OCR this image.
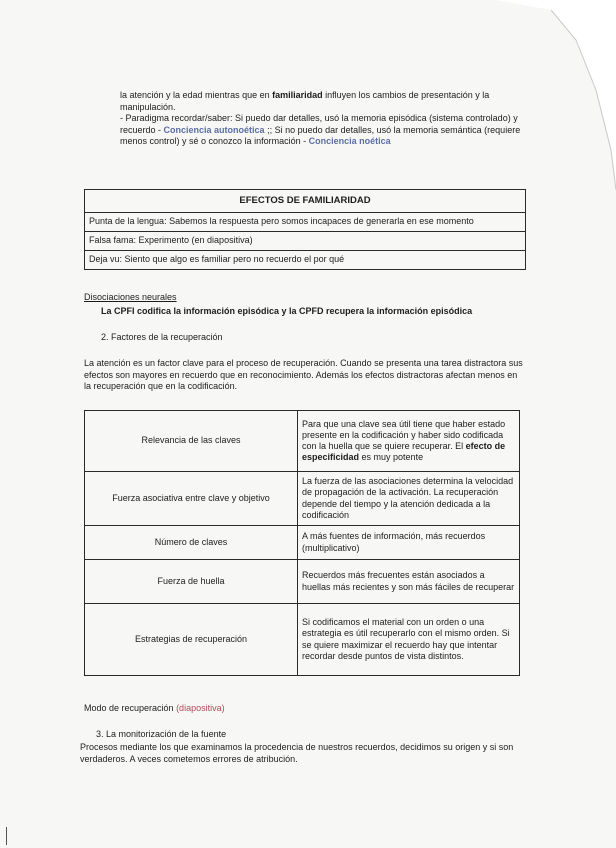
la atención y la edad mientras que en familiaridad influyen los cambios de presentación y la manipulación.
- Paradigma recordar/saber: Si puedo dar detalles, usó la memoria episódica (sistema controlado) y recuerdo - Conciencia autonoética ;; Si no puedo dar detalles, usó la memoria semántica (requiere menos control) y sé o conozco la información - Conciencia noética
EFECTOS DE FAMILIARIDAD
Punta de la lengua: Sabemos la respuesta pero somos incapaces de generarla en ese momento
Falsa fama: Experimento (en diapositiva)
Deja vu: Siento que algo es familiar pero no recuerdo el por qué
Disociaciones neurales
La CPFI codifica la información episódica y la CPFD recupera la información episódica
2. Factores de la recuperación
La atención es un factor clave para el proceso de recuperación. Cuando se presenta una tarea distractora sus efectos son mayores en recuerdo que en reconocimiento. Además los efectos distractoras afectan menos en la recuperación que en la codificación.
Relevancia de las claves	Para que una clave sea útil tiene que haber estado presente en la codificación y haber sido codificada con la huella que se quiere recuperar. El efecto de especificidad es muy potente
Fuerza asociativa entre clave y objetivo	La fuerza de las asociaciones determina la velocidad de propagación de la activación. La recuperación depende del tiempo y la atención dedicada a la codificación
Número de claves	A más fuentes de información, más recuerdos (multiplicativo)
Fuerza de huella	Recuerdos más frecuentes están asociados a huellas más recientes y son más fáciles de recuperar
Estrategias de recuperación	Si codificamos el material con un orden o una estrategia es útil recuperarlo con el mismo orden. Si se quiere maximizar el recuerdo hay que intentar recordar desde puntos de vista distintos.
Modo de recuperación (diapositiva)
3. La monitorización de la fuente
Procesos mediante los que examinamos la procedencia de nuestros recuerdos, decidimos su origen y si son verdaderos. A veces cometemos errores de atribución.
